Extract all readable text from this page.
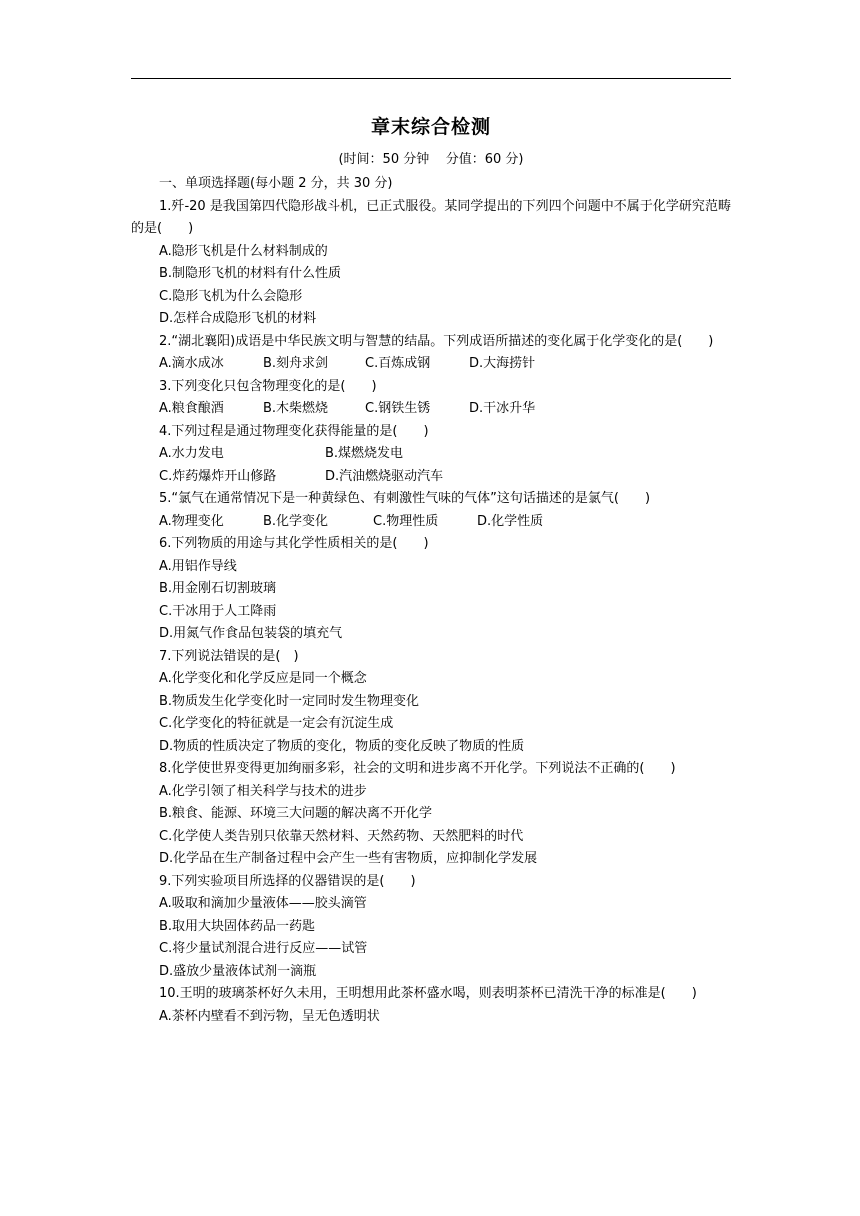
章末综合检测
(时间：50 分钟    分值：60 分)
一、单项选择题(每小题 2 分，共 30 分)
1.歼-20 是我国第四代隐形战斗机，已正式服役。某同学提出的下列四个问题中不属于化学研究范畴的是(　　)
A.隐形飞机是什么材料制成的
B.制隐形飞机的材料有什么性质
C.隐形飞机为什么会隐形
D.怎样合成隐形飞机的材料
2.“湖北襄阳)成语是中华民族文明与智慧的结晶。下列成语所描述的变化属于化学变化的是(　　)
A.滴水成冰	B.刻舟求剑	C.百炼成钢	D.大海捞针
3.下列变化只包含物理变化的是(　　)
A.粮食酿酒	B.木柴燃烧	C.钢铁生锈	D.干冰升华
4.下列过程是通过物理变化获得能量的是(　　)
A.水力发电	B.煤燃烧发电
C.炸药爆炸开山修路	D.汽油燃烧驱动汽车
5.“氯气在通常情况下是一种黄绿色、有刺激性气味的气体”这句话描述的是氯气(　　)
A.物理变化	B.化学变化	C.物理性质	D.化学性质
6.下列物质的用途与其化学性质相关的是(　　)
A.用铝作导线
B.用金刚石切割玻璃
C.干冰用于人工降雨
D.用氮气作食品包装袋的填充气
7.下列说法错误的是(　)
A.化学变化和化学反应是同一个概念
B.物质发生化学变化时一定同时发生物理变化
C.化学变化的特征就是一定会有沉淀生成
D.物质的性质决定了物质的变化，物质的变化反映了物质的性质
8.化学使世界变得更加绚丽多彩，社会的文明和进步离不开化学。下列说法不正确的(　　)
A.化学引领了相关科学与技术的进步
B.粮食、能源、环境三大问题的解决离不开化学
C.化学使人类告别只依靠天然材料、天然药物、天然肥料的时代
D.化学品在生产制备过程中会产生一些有害物质，应抑制化学发展
9.下列实验项目所选择的仪器错误的是(　　)
A.吸取和滴加少量液体——胶头滴管
B.取用大块固体药品一药匙
C.将少量试剂混合进行反应——试管
D.盛放少量液体试剂一滴瓶
10.王明的玻璃茶杯好久未用，王明想用此茶杯盛水喝，则表明茶杯已清洗干净的标准是(　　)
A.茶杯内壁看不到污物，呈无色透明状
